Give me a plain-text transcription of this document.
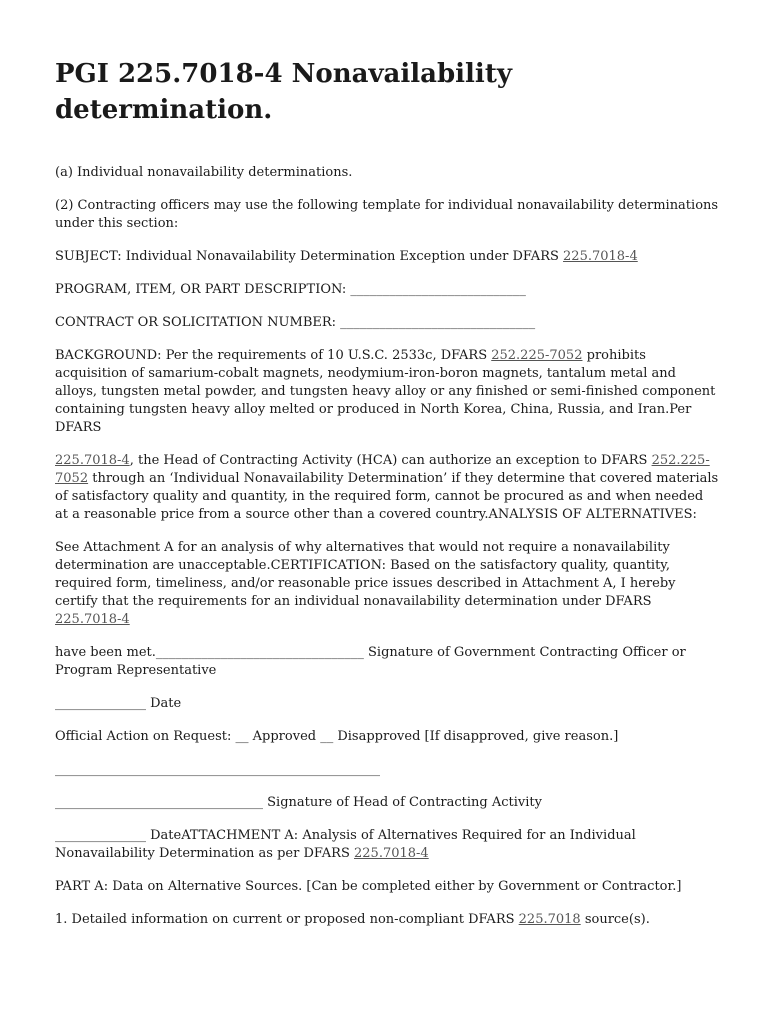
PGI 225.7018-4 Nonavailability determination.

(a) Individual nonavailability determinations.

(2) Contracting officers may use the following template for individual nonavailability determinations under this section:

SUBJECT: Individual Nonavailability Determination Exception under DFARS 225.7018-4

PROGRAM, ITEM, OR PART DESCRIPTION: ___________________________

CONTRACT OR SOLICITATION NUMBER: ______________________________

BACKGROUND: Per the requirements of 10 U.S.C. 2533c, DFARS 252.225-7052 prohibits acquisition of samarium-cobalt magnets, neodymium-iron-boron magnets, tantalum metal and alloys, tungsten metal powder, and tungsten heavy alloy or any finished or semi-finished component containing tungsten heavy alloy melted or produced in North Korea, China, Russia, and Iran.Per DFARS

225.7018-4, the Head of Contracting Activity (HCA) can authorize an exception to DFARS 252.225-7052 through an ‘Individual Nonavailability Determination’ if they determine that covered materials of satisfactory quality and quantity, in the required form, cannot be procured as and when needed at a reasonable price from a source other than a covered country.ANALYSIS OF ALTERNATIVES:

See Attachment A for an analysis of why alternatives that would not require a nonavailability determination are unacceptable.CERTIFICATION: Based on the satisfactory quality, quantity, required form, timeliness, and/or reasonable price issues described in Attachment A, I hereby certify that the requirements for an individual nonavailability determination under DFARS 225.7018-4

have been met.________________________________ Signature of Government Contracting Officer or Program Representative

______________ Date

Official Action on Request: __ Approved __ Disapproved [If disapproved, give reason.]

__________________________________________________

________________________________ Signature of Head of Contracting Activity

______________ DateATTACHMENT A: Analysis of Alternatives Required for an Individual Nonavailability Determination as per DFARS 225.7018-4

PART A: Data on Alternative Sources. [Can be completed either by Government or Contractor.]

1. Detailed information on current or proposed non-compliant DFARS 225.7018 source(s).
